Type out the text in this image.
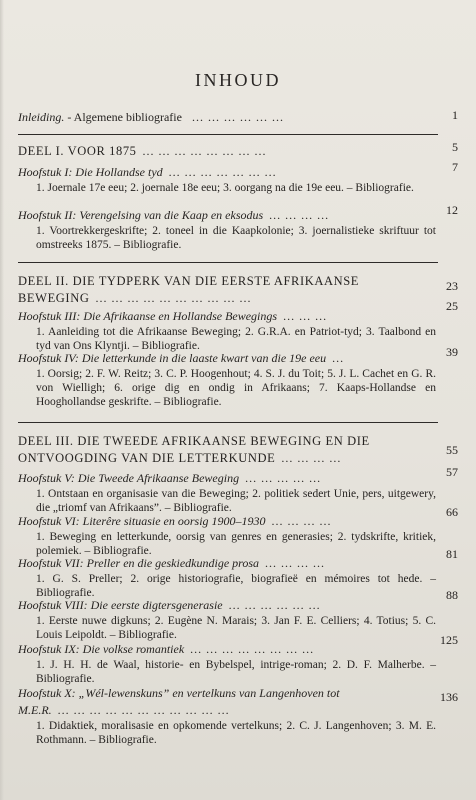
INHOUD
Inleiding. - Algemene bibliografie ... ... ... ... ... ...	1
DEEL I. VOOR 1875 ... ... ... ... ... ... ... ...	5
Hoofstuk I: Die Hollandse tyd ... ... ... ... ... ... ...
1. Joernale 17e eeu; 2. joernale 18e eeu; 3. oorgang na die 19e eeu. – Bibliografie.
7
Hoofstuk II: Verengelsing van die Kaap en eksodus ... ... ... ...
1. Voortrekkergeskrifte; 2. toneel in die Kaapkolonie; 3. joernalistieke skriftuur tot omstreeks 1875. – Bibliografie.
12
DEEL II. DIE TYDPERK VAN DIE EERSTE AFRIKAANSE
BEWEGING ... ... ... ... ... ... ... ... ... ...
23
Hoofstuk III: Die Afrikaanse en Hollandse Bewegings ... ... ...
1. Aanleiding tot die Afrikaanse Beweging; 2. G.R.A. en Patriot-tyd; 3. Taalbond en tyd van Ons Klyntji. – Bibliografie.
25
Hoofstuk IV: Die letterkunde in die laaste kwart van die 19e eeu ...
1. Oorsig; 2. F. W. Reitz; 3. C. P. Hoogenhout; 4. S. J. du Toit; 5. J. L. Cachet en G. R. von Wielligh; 6. orige dig en ondig in Afrikaans; 7. Kaaps-Hollandse en Hooghollandse geskrifte. – Bibliografie.
39
DEEL III. DIE TWEEDE AFRIKAANSE BEWEGING EN DIE
ONTVOOGDING VAN DIE LETTERKUNDE ... ... ... ...
55
Hoofstuk V: Die Tweede Afrikaanse Beweging ... ... ... ... ...
1. Ontstaan en organisasie van die Beweging; 2. politiek sedert Unie, pers, uitgewery, die „triomf van Afrikaans”. – Bibliografie.
57
Hoofstuk VI: Literêre situasie en oorsig 1900–1930 ... ... ... ...
1. Beweging en letterkunde, oorsig van genres en generasies; 2. tydskrifte, kritiek, polemiek. – Bibliografie.
66
Hoofstuk VII: Preller en die geskiedkundige prosa ... ... ... ...
1. G. S. Preller; 2. orige historiografie, biografieë en mémoires tot hede. – Bibliografie.
81
Hoofstuk VIII: Die eerste digtersgenerasie ... ... ... ... ... ...
1. Eerste nuwe digkuns; 2. Eugène N. Marais; 3. Jan F. E. Celliers; 4. Totius; 5. C. Louis Leipoldt. – Bibliografie.
88
Hoofstuk IX: Die volkse romantiek ... ... ... ... ... ... ... ...
1. J. H. H. de Waal, historie- en Bybelspel, intrige-roman; 2. D. F. Malherbe. – Bibliografie.
125
Hoofstuk X: „Wél-lewenskuns” en vertelkuns van Langenhoven tot
M.E.R. ... ... ... ... ... ... ... ... ... ... ...
1. Didaktiek, moralisasie en opkomende vertelkuns; 2. C. J. Langenhoven; 3. M. E. Rothmann. – Bibliografie.
136
